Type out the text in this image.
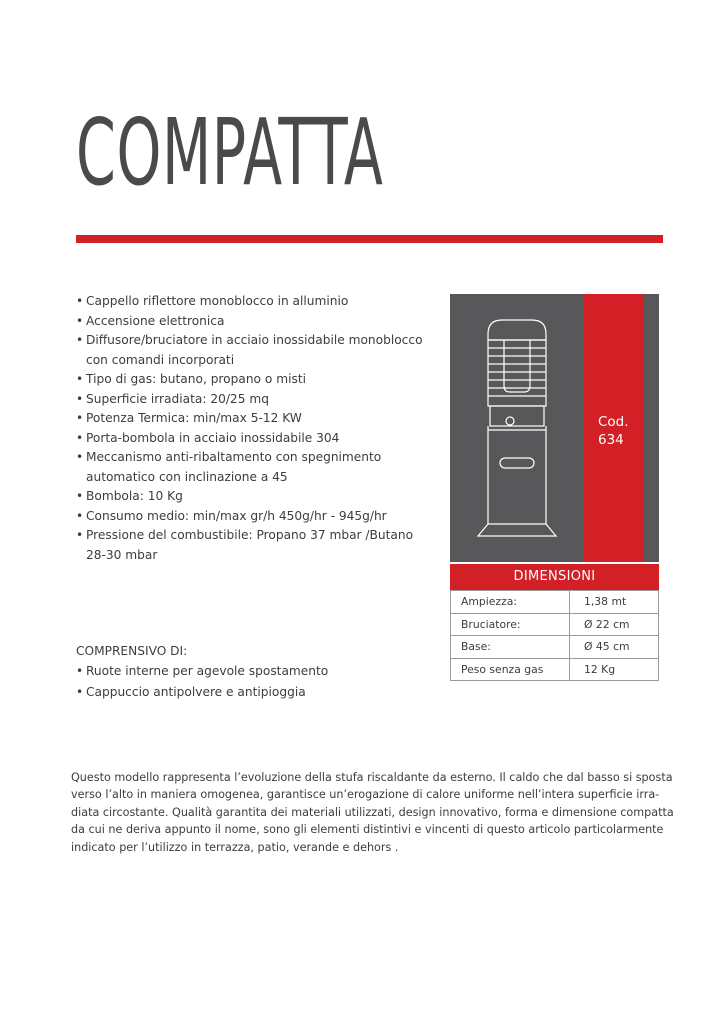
COMPATTA
• Cappello riflettore monoblocco in alluminio
• Accensione elettronica
• Diffusore/bruciatore in acciaio inossidabile monoblocco con comandi incorporati
• Tipo di gas: butano, propano o misti
• Superficie irradiata: 20/25 mq
• Potenza Termica: min/max 5-12 KW
• Porta-bombola in acciaio inossidabile 304
• Meccanismo anti-ribaltamento con spegnimento automatico con inclinazione a 45
• Bombola: 10 Kg
• Consumo medio: min/max gr/h 450g/hr - 945g/hr
• Pressione del combustibile: Propano 37 mbar /Butano 28-30 mbar
COMPRENSIVO DI:
• Ruote interne per agevole spostamento
• Cappuccio antipolvere e antipioggia
Cod.
634
DIMENSIONI
Ampiezza:	1,38 mt
Bruciatore:	Ø 22 cm
Base:	Ø 45 cm
Peso senza gas	12 Kg

Questo modello rappresenta l’evoluzione della stufa riscaldante da esterno. Il caldo che dal basso si sposta
verso l’alto in maniera omogenea, garantisce un’erogazione di calore uniforme nell’intera superficie irra-
diata circostante. Qualità garantita dei materiali utilizzati, design innovativo, forma e dimensione compatta
da cui ne deriva appunto il nome, sono gli elementi distintivi e vincenti di questo articolo particolarmente
indicato per l’utilizzo in terrazza, patio, verande e dehors .
